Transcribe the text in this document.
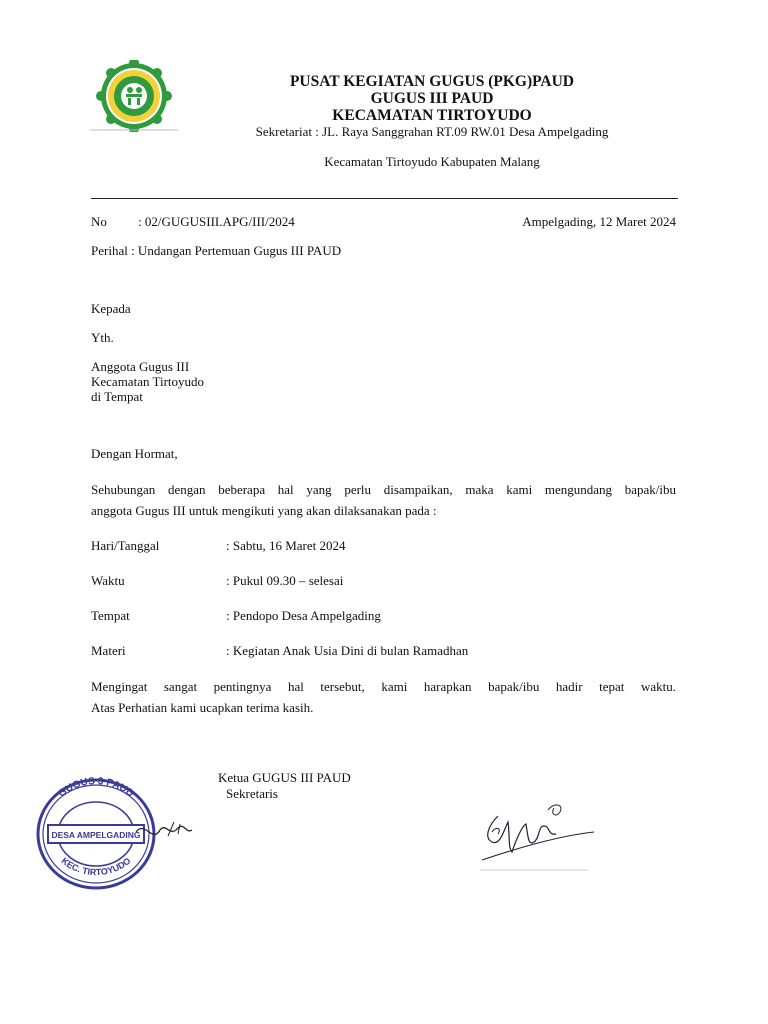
PUSAT KEGIATAN GUGUS (PKG)PAUD
GUGUS III PAUD
KECAMATAN TIRTOYUDO
Sekretariat : JL. Raya Sanggrahan RT.09 RW.01 Desa Ampelgading
Kecamatan Tirtoyudo Kabupaten Malang
No : 02/GUGUSIII.APG/III/2024	Ampelgading, 12 Maret 2024
Perihal : Undangan Pertemuan Gugus III PAUD
Kepada
Yth.
Anggota Gugus III
Kecamatan Tirtoyudo
di Tempat
Dengan Hormat,
Sehubungan dengan beberapa hal yang perlu disampaikan, maka kami mengundang bapak/ibu
anggota Gugus III untuk mengikuti yang akan dilaksanakan pada :
Hari/Tanggal	: Sabtu, 16 Maret 2024
Waktu	: Pukul 09.30 – selesai
Tempat	: Pendopo Desa Ampelgading
Materi	: Kegiatan Anak Usia Dini di bulan Ramadhan
Mengingat sangat pentingnya hal tersebut, kami harapkan bapak/ibu hadir tepat waktu.
Atas Perhatian kami ucapkan terima kasih.
Ketua GUGUS III PAUD
Sekretaris
GUGUS 3 PAUD
KEC. TIRTOYUDO
DESA AMPELGADING
